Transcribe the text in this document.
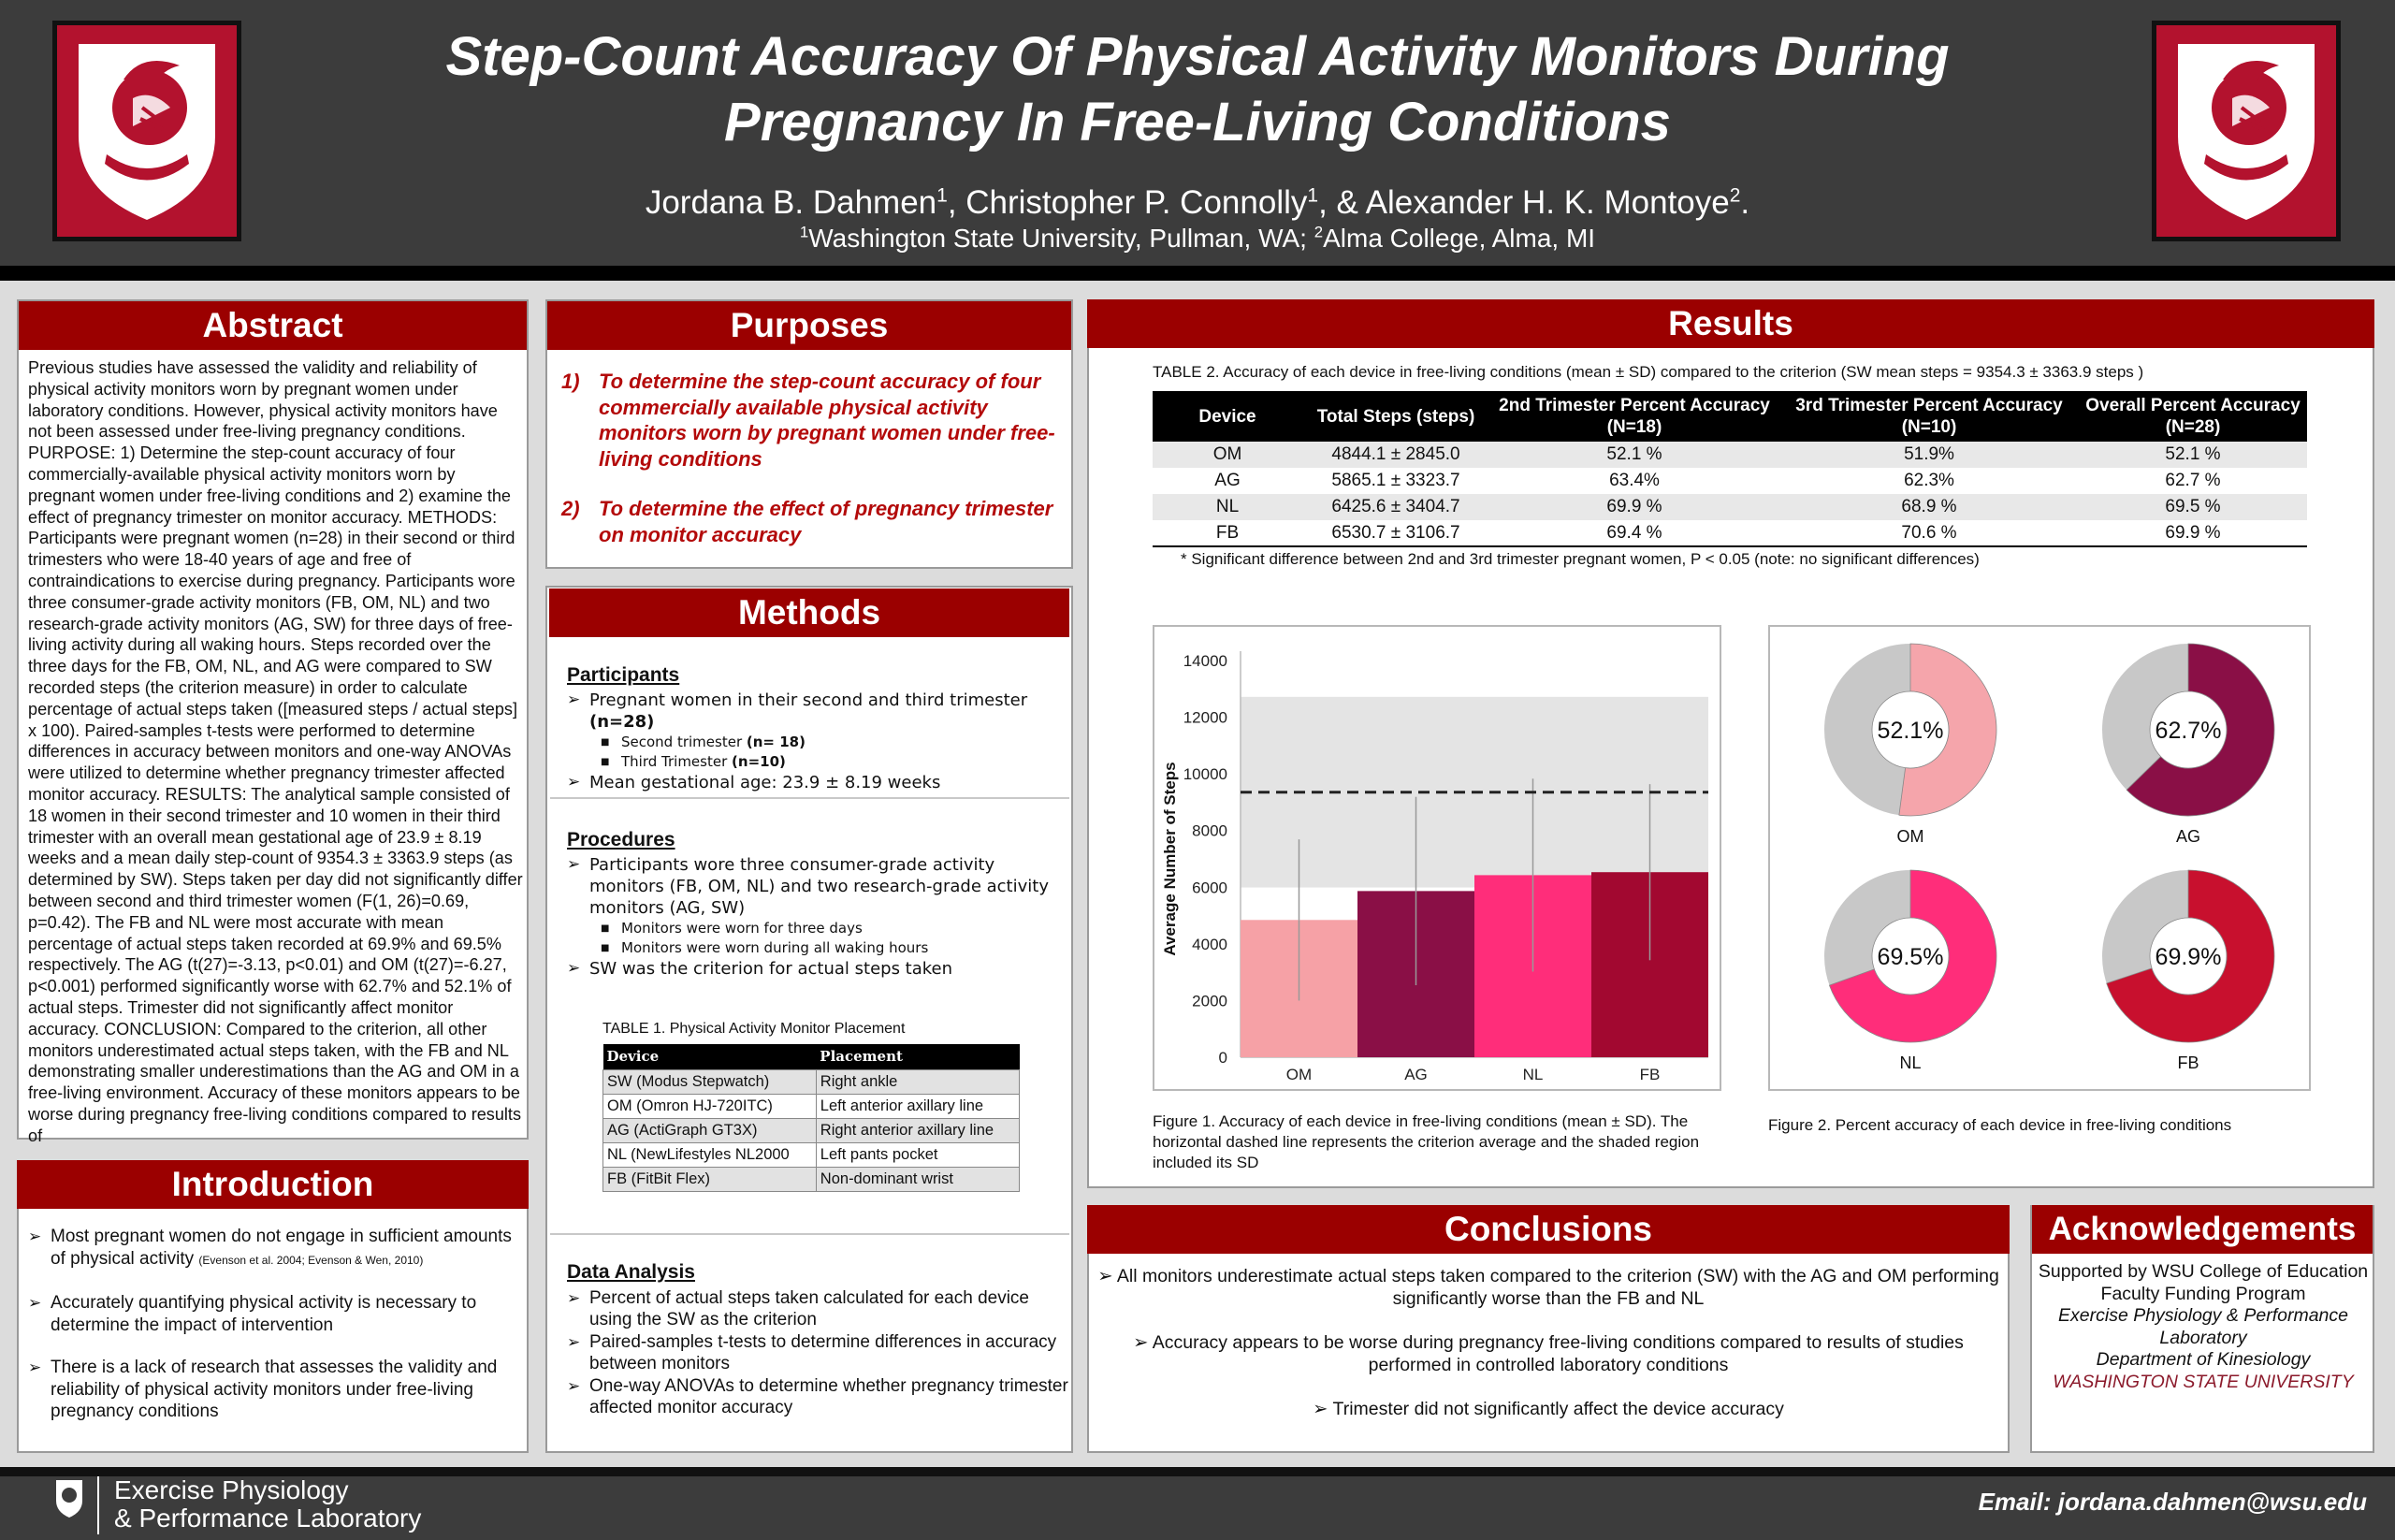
Step-Count Accuracy Of Physical Activity Monitors During
Pregnancy In Free-Living Conditions
Jordana B. Dahmen$^1$, Christopher P. Connolly$^1$, & Alexander H. K. Montoye$^2$.
$^1$Washington State University, Pullman, WA; $^2$Alma College, Alma, MI
Abstract
Previous studies have assessed the validity and reliability of physical activity monitors worn by pregnant women under laboratory conditions. However, physical activity monitors have not been assessed under free-living pregnancy conditions. PURPOSE: 1) Determine the step-count accuracy of four commercially-available physical activity monitors worn by pregnant women under free-living conditions and 2) examine the effect of pregnancy trimester on monitor accuracy. METHODS: Participants were pregnant women (n=28) in their second or third trimesters who were 18-40 years of age and free of contraindications to exercise during pregnancy. Participants wore three consumer-grade activity monitors (FB, OM, NL) and two research-grade activity monitors (AG, SW) for three days of free-living activity during all waking hours. Steps recorded over the three days for the FB, OM, NL, and AG were compared to SW recorded steps (the criterion measure) in order to calculate percentage of actual steps taken ([measured steps / actual steps] x 100). Paired-samples t-tests were performed to determine differences in accuracy between monitors and one-way ANOVAs were utilized to determine whether pregnancy trimester affected monitor accuracy. RESULTS: The analytical sample consisted of 18 women in their second trimester and 10 women in their third trimester with an overall mean gestational age of 23.9 ± 8.19 weeks and a mean daily step-count of 9354.3 ± 3363.9 steps (as determined by SW). Steps taken per day did not significantly differ between second and third trimester women (F(1, 26)=0.69, p=0.42). The FB and NL were most accurate with mean percentage of actual steps taken recorded at 69.9% and 69.5% respectively. The AG (t(27)=-3.13, p<0.01) and OM (t(27)=-6.27, p<0.001) performed significantly worse with 62.7% and 52.1% of actual steps. Trimester did not significantly affect monitor accuracy. CONCLUSION: Compared to the criterion, all other monitors underestimated actual steps taken, with the FB and NL demonstrating smaller underestimations than the AG and OM in a free-living environment. Accuracy of these monitors appears to be worse during pregnancy free-living conditions compared to results of
Introduction
➢ Most pregnant women do not engage in sufficient amounts of physical activity (Evenson et al. 2004; Evenson & Wen, 2010)
➢ Accurately quantifying physical activity is necessary to determine the impact of intervention
➢ There is a lack of research that assesses the validity and reliability of physical activity monitors under free-living pregnancy conditions
Purposes
1) To determine the step-count accuracy of four commercially available physical activity monitors worn by pregnant women under free-living conditions
2) To determine the effect of pregnancy trimester on monitor accuracy
Methods
Participants
➢ Pregnant women in their second and third trimester (n=28)
■ Second trimester (n= 18)
■ Third Trimester (n=10)
➢ Mean gestational age: 23.9 ± 8.19 weeks
Procedures
➢ Participants wore three consumer-grade activity monitors (FB, OM, NL) and two research-grade activity monitors (AG, SW)
■ Monitors were worn for three days
■ Monitors were worn during all waking hours
➢ SW was the criterion for actual steps taken
TABLE 1. Physical Activity Monitor Placement
Device	Placement
SW (Modus Stepwatch)	Right ankle
OM (Omron HJ-720ITC)	Left anterior axillary line
AG (ActiGraph GT3X)	Right anterior axillary line
NL (NewLifestyles NL2000	Left pants pocket
FB (FitBit Flex)	Non-dominant wrist
Data Analysis
➢ Percent of actual steps taken calculated for each device using the SW as the criterion
➢ Paired-samples t-tests to determine differences in accuracy between monitors
➢ One-way ANOVAs to determine whether pregnancy trimester affected monitor accuracy
Results
TABLE 2. Accuracy of each device in free-living conditions (mean ± SD) compared to the criterion (SW mean steps = 9354.3 ± 3363.9 steps )
Device	Total Steps (steps)	2nd Trimester Percent Accuracy (N=18)	3rd Trimester Percent Accuracy (N=10)	Overall Percent Accuracy (N=28)
OM	4844.1 ± 2845.0	52.1 %	51.9%	52.1 %
AG	5865.1 ± 3323.7	63.4%	62.3%	62.7 %
NL	6425.6 ± 3404.7	69.9 %	68.9 %	69.5 %
FB	6530.7 ± 3106.7	69.4 %	70.6 %	69.9 %
* Significant difference between 2nd and 3rd trimester pregnant women, P < 0.05 (note: no significant differences)
0
2000
4000
6000
8000
10000
12000
14000
Average Number of Steps
OM	AG	NL	FB
Figure 1. Accuracy of each device in free-living conditions (mean ± SD). The horizontal dashed line represents the criterion average and the shaded region included its SD
52.1%
OM
62.7%
AG
69.5%
NL
69.9%
FB
Figure 2. Percent accuracy of each device in free-living conditions
Conclusions

➢ All monitors underestimate actual steps taken compared to the criterion (SW) with the AG and OM performing significantly worse than the FB and NL

➢ Accuracy appears to be worse during pregnancy free-living conditions compared to results of studies performed in controlled laboratory conditions

➢ Trimester did not significantly affect the device accuracy

Acknowledgements
Supported by WSU College of Education Faculty Funding Program
Exercise Physiology & Performance Laboratory
Department of Kinesiology
WASHINGTON STATE UNIVERSITY
Exercise Physiology
& Performance Laboratory
Email: jordana.dahmen@wsu.edu
